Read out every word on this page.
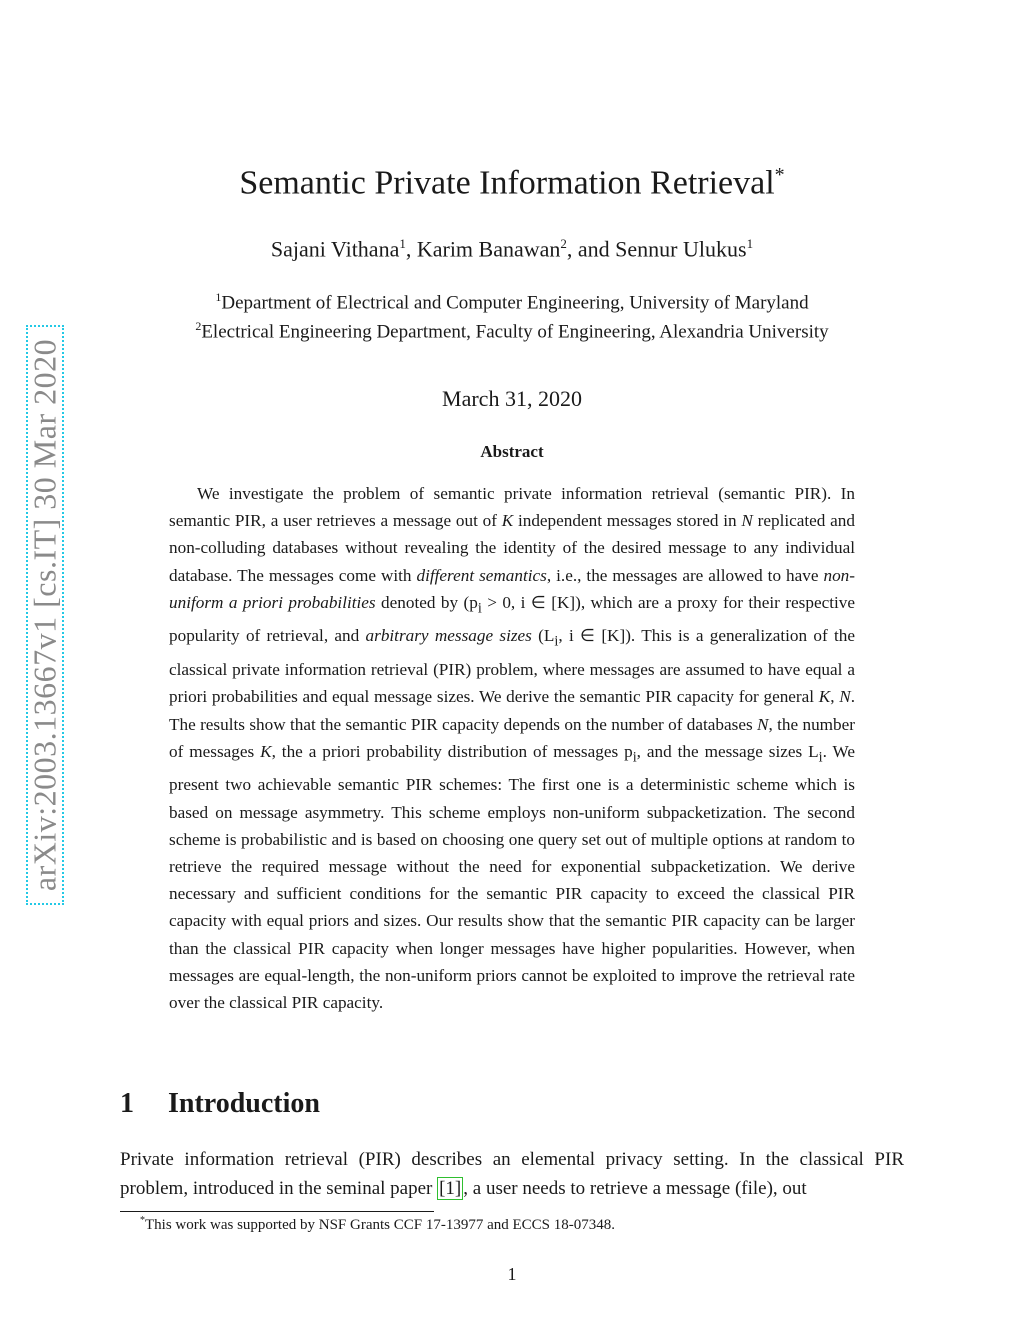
arXiv:2003.13667v1 [cs.IT] 30 Mar 2020
Semantic Private Information Retrieval*
Sajani Vithana$^1$, Karim Banawan$^2$, and Sennur Ulukus$^1$
$^1$Department of Electrical and Computer Engineering, University of Maryland
$^2$Electrical Engineering Department, Faculty of Engineering, Alexandria University
March 31, 2020
Abstract

We investigate the problem of semantic private information retrieval (semantic PIR). In semantic PIR, a user retrieves a message out of K independent messages stored in N replicated and non-colluding databases without revealing the identity of the desired message to any individual database. The messages come with different semantics, i.e., the messages are allowed to have non-uniform a priori probabilities denoted by ($p_i > 0$, i ∈ [K]), which are a proxy for their respective popularity of retrieval, and arbitrary message sizes ($L_i$, i ∈ [K]). This is a generalization of the classical private information retrieval (PIR) problem, where messages are assumed to have equal a priori probabilities and equal message sizes. We derive the semantic PIR capacity for general K, N. The results show that the semantic PIR capacity depends on the number of databases N, the number of messages K, the a priori probability distribution of messages $p_i$, and the message sizes $L_i$. We present two achievable semantic PIR schemes: The first one is a deterministic scheme which is based on message asymmetry. This scheme employs non-uniform subpacketization. The second scheme is probabilistic and is based on choosing one query set out of multiple options at random to retrieve the required message without the need for exponential subpacketization. We derive necessary and sufficient conditions for the semantic PIR capacity to exceed the classical PIR capacity with equal priors and sizes. Our results show that the semantic PIR capacity can be larger than the classical PIR capacity when longer messages have higher popularities. However, when messages are equal-length, the non-uniform priors cannot be exploited to improve the retrieval rate over the classical PIR capacity.

1 Introduction

Private information retrieval (PIR) describes an elemental privacy setting. In the classical PIR problem, introduced in the seminal paper [1] , a user needs to retrieve a message (file), out

*This work was supported by NSF Grants CCF 17-13977 and ECCS 18-07348.
1
